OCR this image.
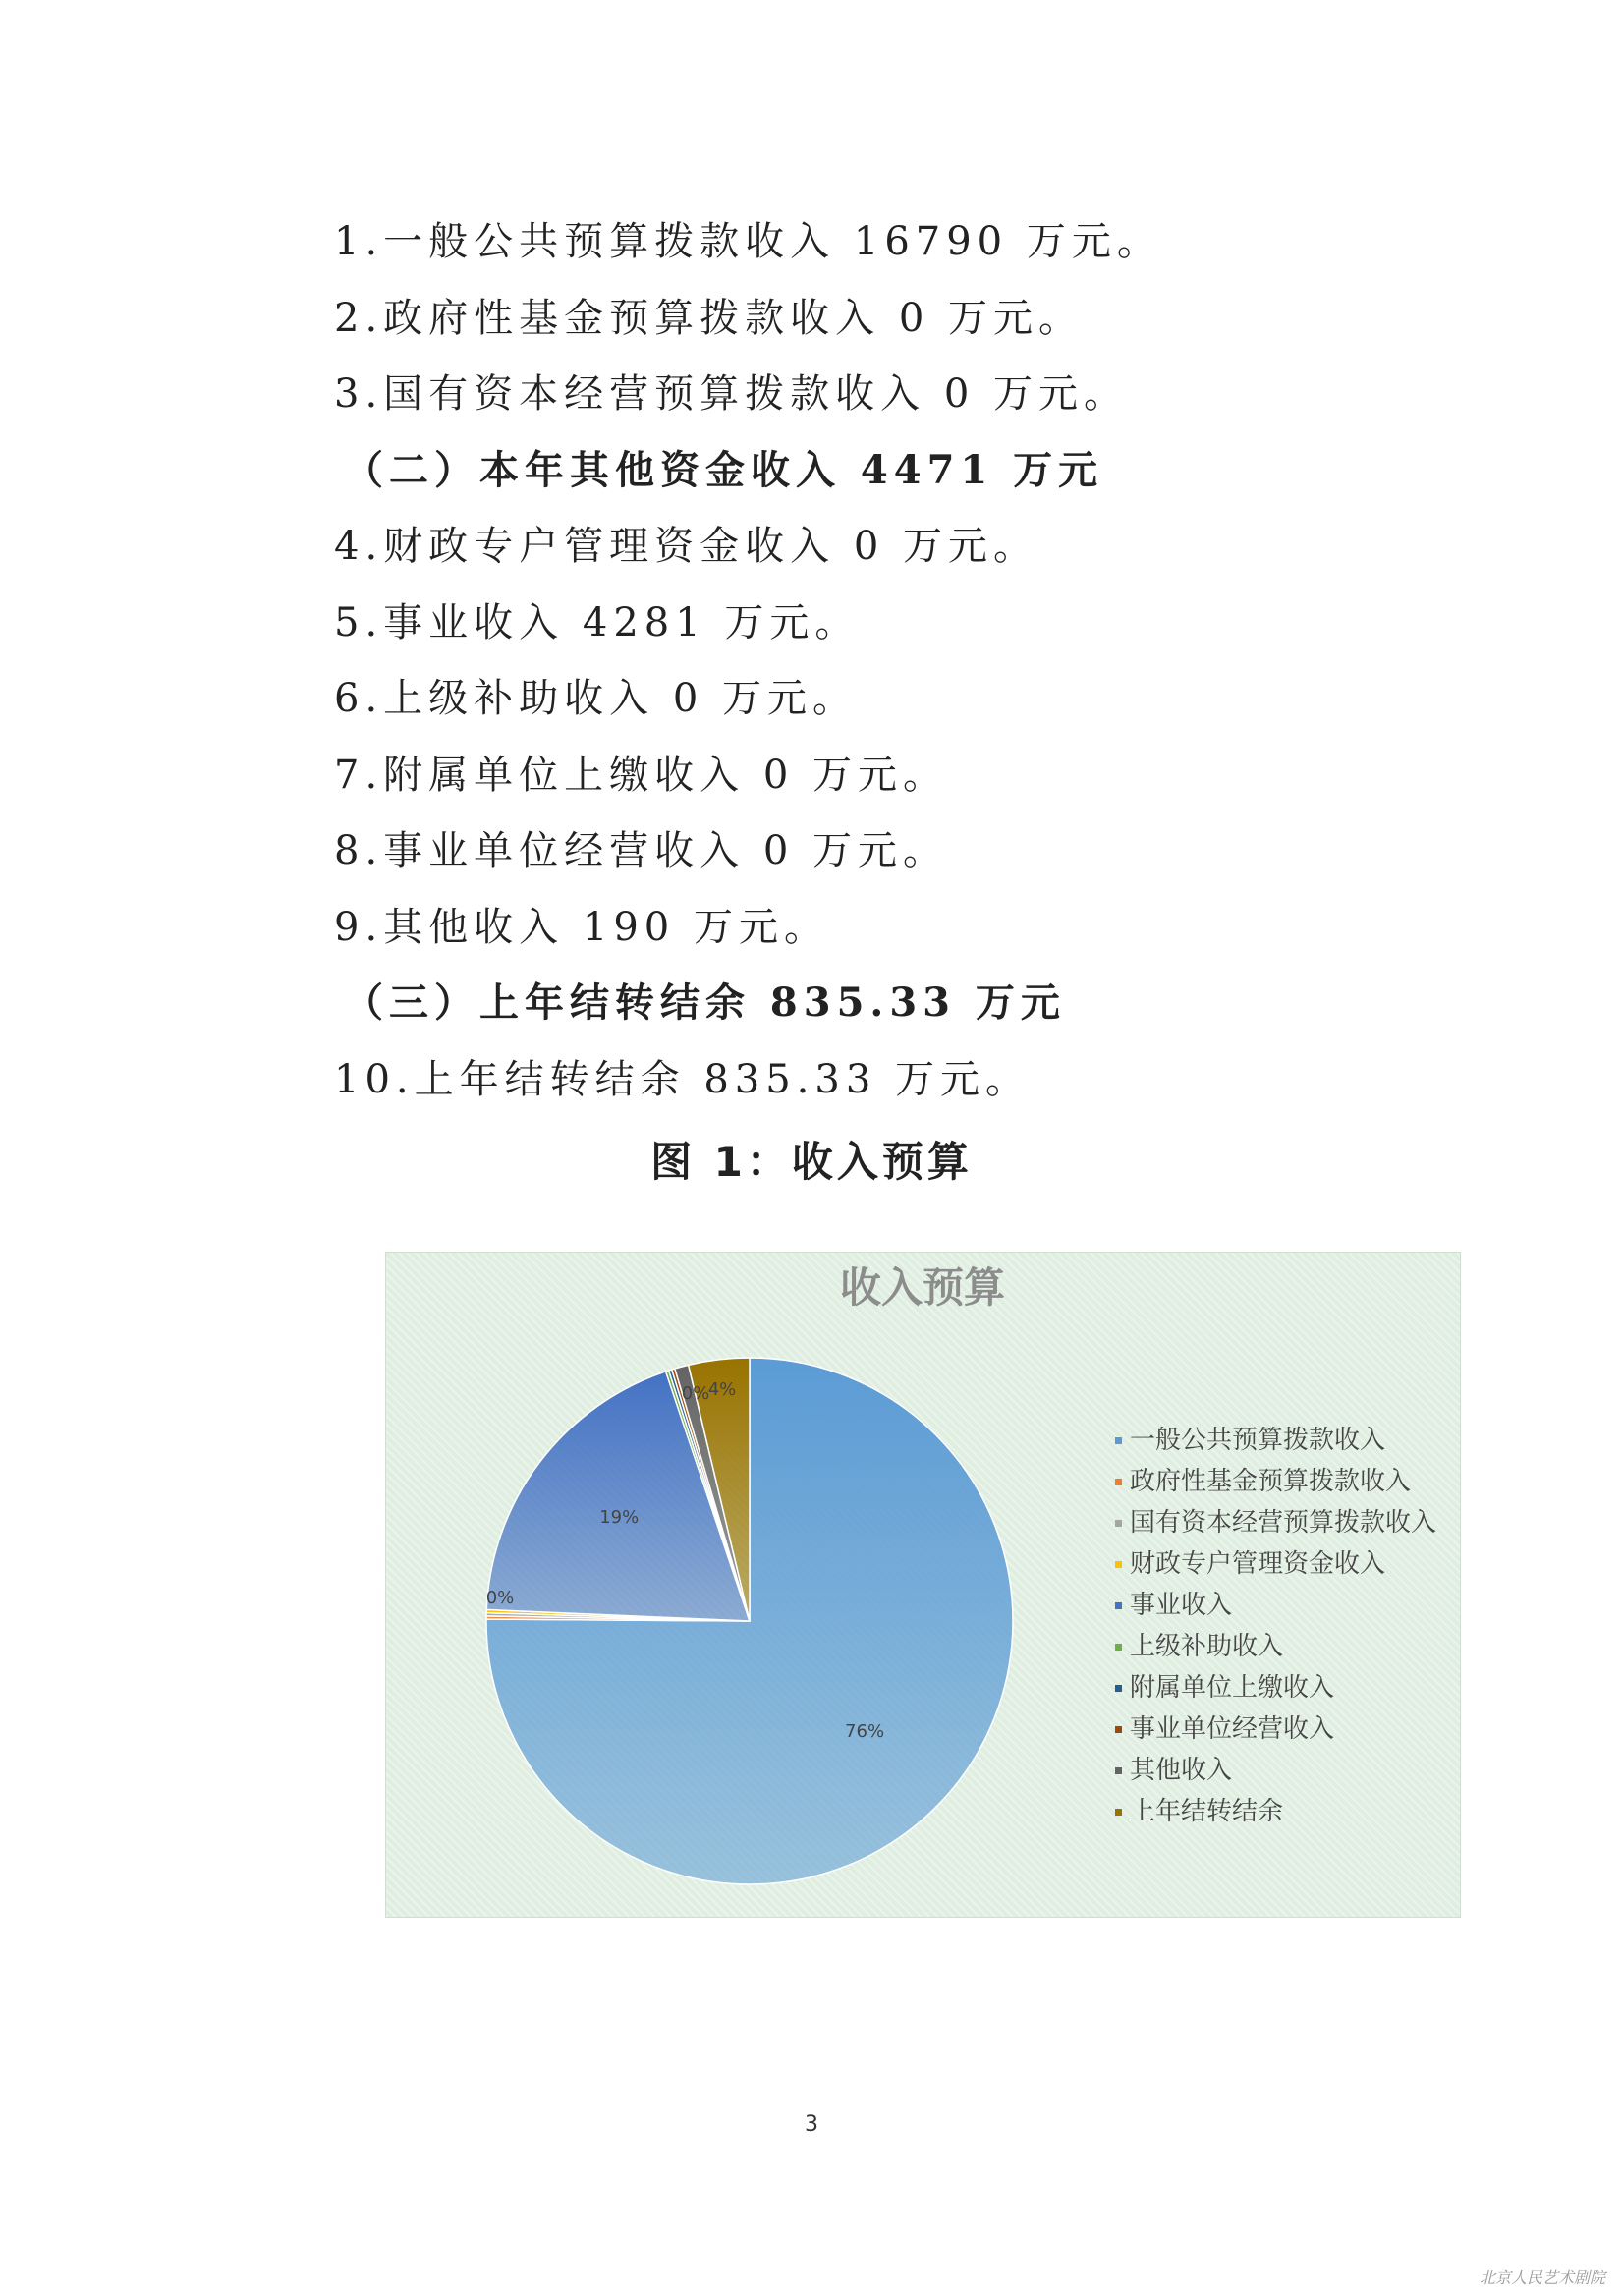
1.一般公共预算拨款收入 16790 万元。
2.政府性基金预算拨款收入 0 万元。
3.国有资本经营预算拨款收入 0 万元。
（二）本年其他资金收入 4471 万元
4.财政专户管理资金收入 0 万元。
5.事业收入 4281 万元。
6.上级补助收入 0 万元。
7.附属单位上缴收入 0 万元。
8.事业单位经营收入 0 万元。
9.其他收入 190 万元。
（三）上年结转结余 835.33 万元
10.上年结转结余 835.33 万元。
图 1：收入预算
收入预算
76%
0%
19%
0%
4%
一般公共预算拨款收入
政府性基金预算拨款收入
国有资本经营预算拨款收入
财政专户管理资金收入
事业收入
上级补助收入
附属单位上缴收入
事业单位经营收入
其他收入
上年结转结余
3
北京人民艺术剧院
